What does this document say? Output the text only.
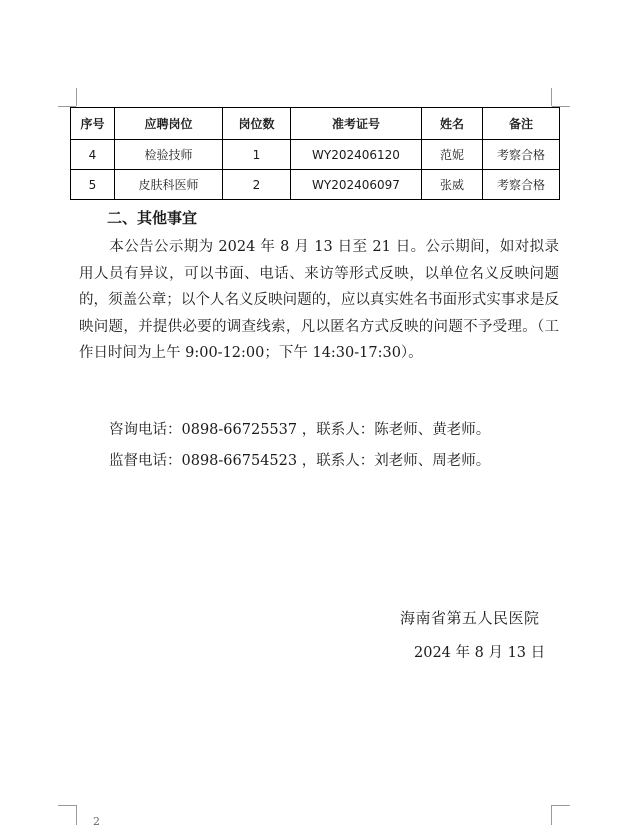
序号	应聘岗位	岗位数	准考证号	姓名	备注
4	检验技师	1	WY202406120	范妮	考察合格
5	皮肤科医师	2	WY202406097	张威	考察合格
二、其他事宜
本公告公示期为 2024 年 8 月 13 日至 21 日。公示期间，如对拟录用人员有异议，可以书面、电话、来访等形式反映，以单位名义反映问题的，须盖公章；以个人名义反映问题的，应以真实姓名书面形式实事求是反映问题，并提供必要的调查线索，凡以匿名方式反映的问题不予受理。（工作日时间为上午 9:00-12:00；下午 14:30-17:30）。
咨询电话：0898-66725537 ，联系人：陈老师、黄老师。
监督电话：0898-66754523 ，联系人：刘老师、周老师。
海南省第五人民医院
2024 年 8 月 13 日
2
